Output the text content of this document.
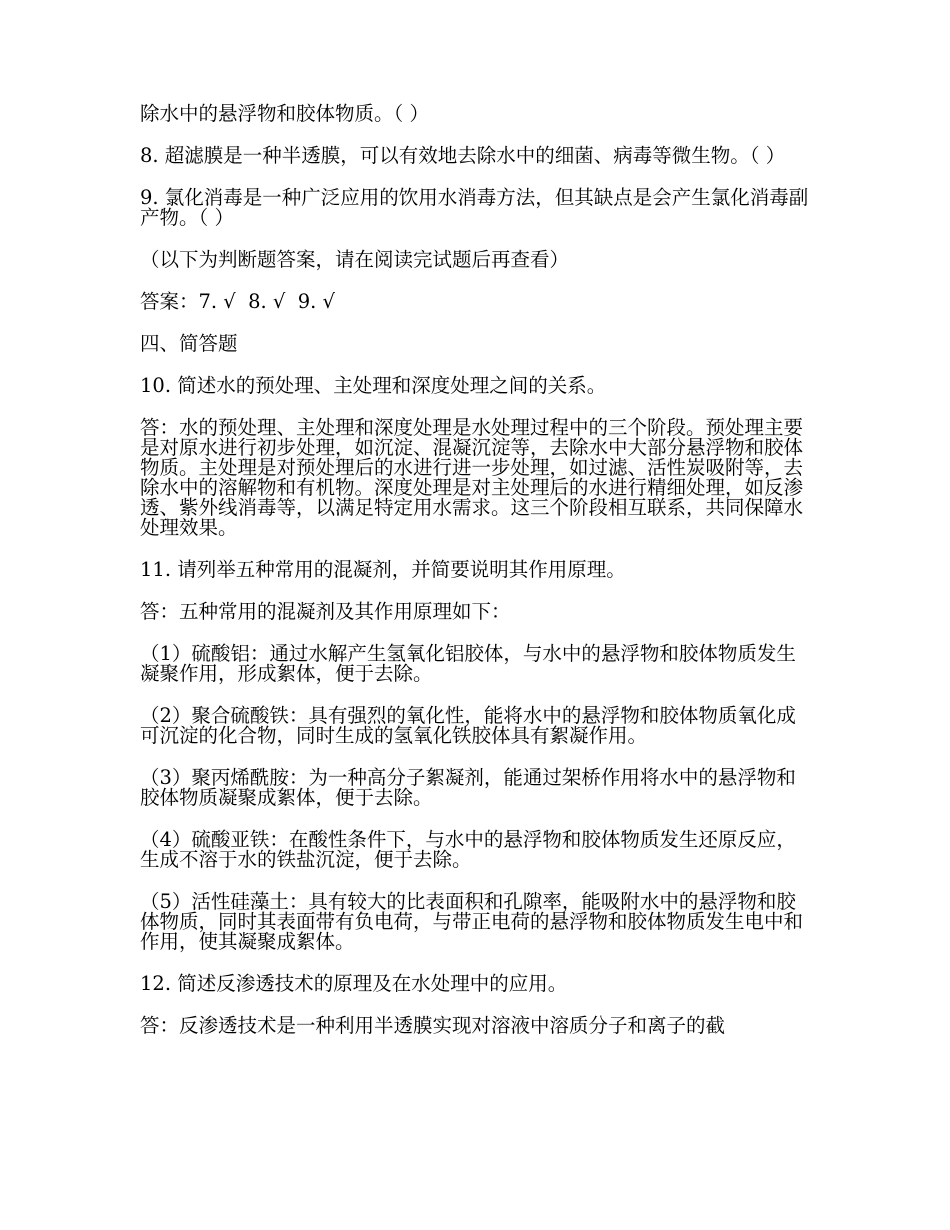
除水中的悬浮物和胶体物质。（ ）

8. 超滤膜是一种半透膜，可以有效地去除水中的细菌、病毒等微生物。（ ）

9. 氯化消毒是一种广泛应用的饮用水消毒方法，但其缺点是会产生氯化消毒副产物。（ ）

（以下为判断题答案，请在阅读完试题后再查看）

答案：7. √  8. √  9. √

四、简答题

10. 简述水的预处理、主处理和深度处理之间的关系。

答：水的预处理、主处理和深度处理是水处理过程中的三个阶段。预处理主要是对原水进行初步处理，如沉淀、混凝沉淀等，去除水中大部分悬浮物和胶体物质。主处理是对预处理后的水进行进一步处理，如过滤、活性炭吸附等，去除水中的溶解物和有机物。深度处理是对主处理后的水进行精细处理，如反渗透、紫外线消毒等，以满足特定用水需求。这三个阶段相互联系，共同保障水处理效果。

11. 请列举五种常用的混凝剂，并简要说明其作用原理。

答：五种常用的混凝剂及其作用原理如下：

（1）硫酸铝：通过水解产生氢氧化铝胶体，与水中的悬浮物和胶体物质发生凝聚作用，形成絮体，便于去除。

（2）聚合硫酸铁：具有强烈的氧化性，能将水中的悬浮物和胶体物质氧化成可沉淀的化合物，同时生成的氢氧化铁胶体具有絮凝作用。

（3）聚丙烯酰胺：为一种高分子絮凝剂，能通过架桥作用将水中的悬浮物和胶体物质凝聚成絮体，便于去除。

（4）硫酸亚铁：在酸性条件下，与水中的悬浮物和胶体物质发生还原反应，生成不溶于水的铁盐沉淀，便于去除。

（5）活性硅藻土：具有较大的比表面积和孔隙率，能吸附水中的悬浮物和胶体物质，同时其表面带有负电荷，与带正电荷的悬浮物和胶体物质发生电中和作用，使其凝聚成絮体。

12. 简述反渗透技术的原理及在水处理中的应用。

答：反渗透技术是一种利用半透膜实现对溶液中溶质分子和离子的截
